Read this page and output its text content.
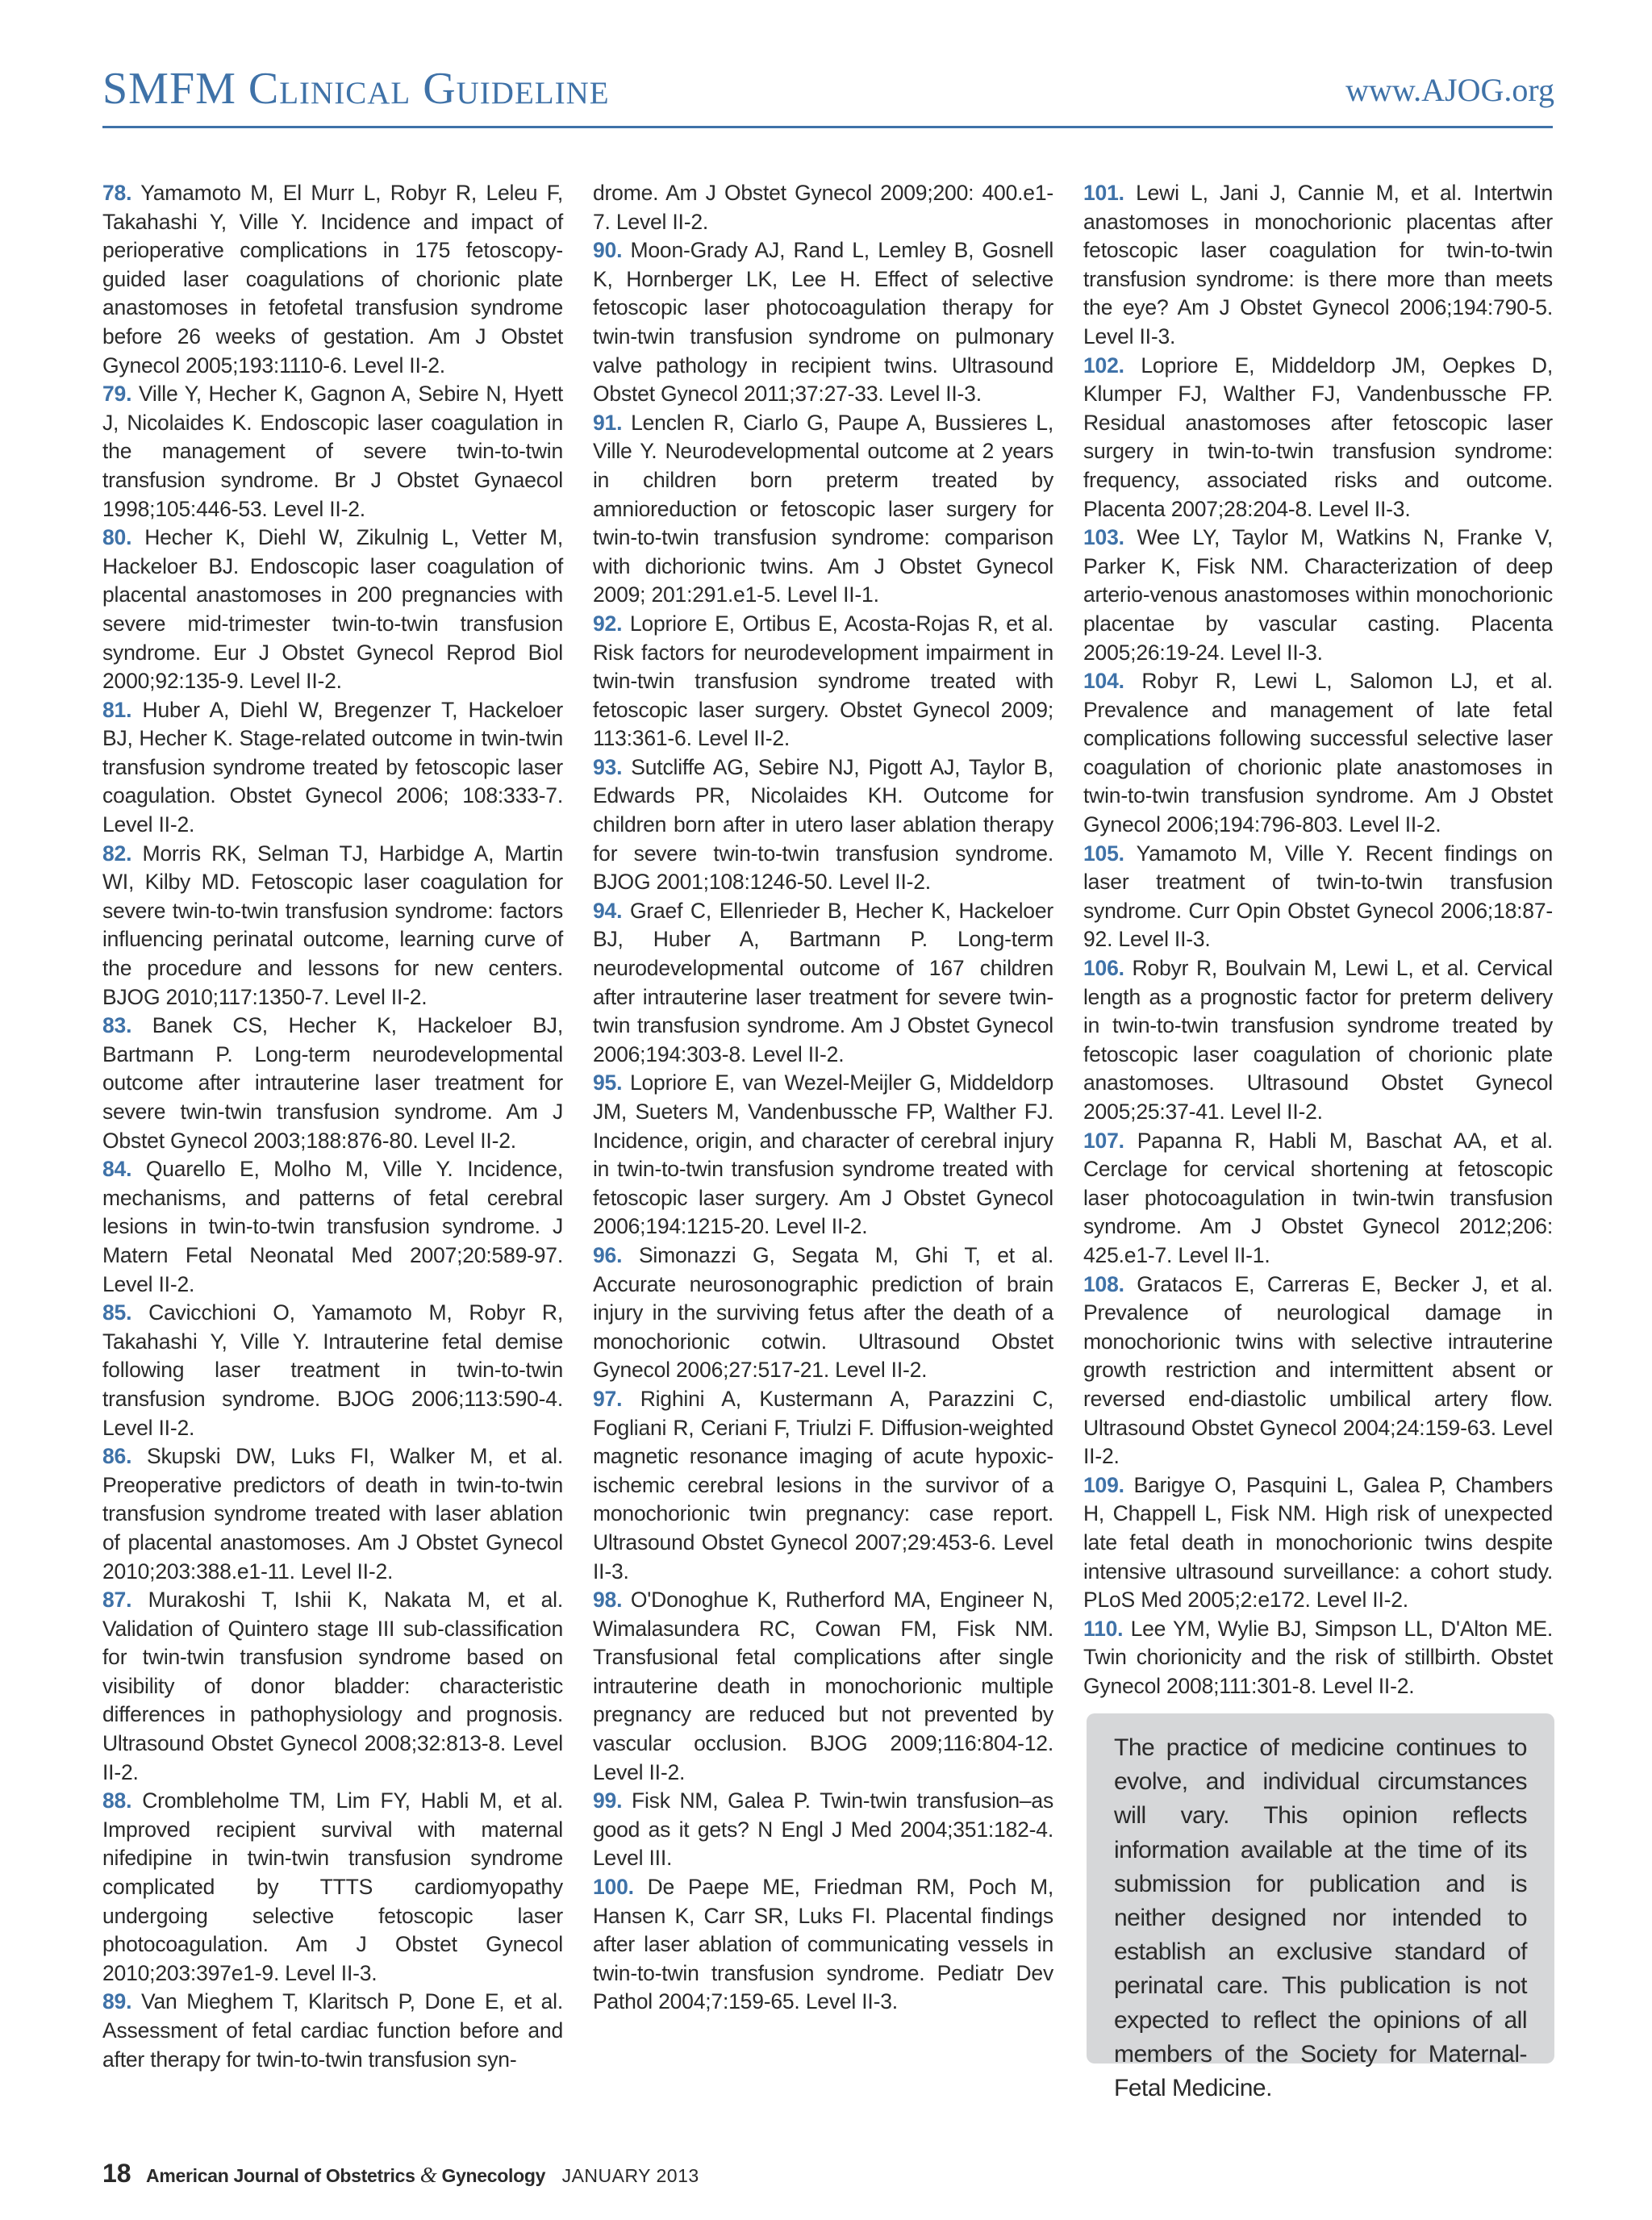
SMFM Clinical Guideline	www.AJOG.org

78. Yamamoto M, El Murr L, Robyr R, Leleu F, Takahashi Y, Ville Y. Incidence and impact of perioperative complications in 175 fetoscopy-guided laser coagulations of chorionic plate anastomoses in fetofetal transfusion syndrome before 26 weeks of gestation. Am J Obstet Gynecol 2005;193:1110-6. Level II-2.

79. Ville Y, Hecher K, Gagnon A, Sebire N, Hyett J, Nicolaides K. Endoscopic laser coagulation in the management of severe twin-to-twin transfusion syndrome. Br J Obstet Gynaecol 1998;105:446-53. Level II-2.

80. Hecher K, Diehl W, Zikulnig L, Vetter M, Hackeloer BJ. Endoscopic laser coagulation of placental anastomoses in 200 pregnancies with severe mid-trimester twin-to-twin transfusion syndrome. Eur J Obstet Gynecol Reprod Biol 2000;92:135-9. Level II-2.

81. Huber A, Diehl W, Bregenzer T, Hackeloer BJ, Hecher K. Stage-related outcome in twin-twin transfusion syndrome treated by fetoscopic laser coagulation. Obstet Gynecol 2006; 108:333-7. Level II-2.

82. Morris RK, Selman TJ, Harbidge A, Martin WI, Kilby MD. Fetoscopic laser coagulation for severe twin-to-twin transfusion syndrome: factors influencing perinatal outcome, learning curve of the procedure and lessons for new centers. BJOG 2010;117:1350-7. Level II-2.

83. Banek CS, Hecher K, Hackeloer BJ, Bartmann P. Long-term neurodevelopmental outcome after intrauterine laser treatment for severe twin-twin transfusion syndrome. Am J Obstet Gynecol 2003;188:876-80. Level II-2.

84. Quarello E, Molho M, Ville Y. Incidence, mechanisms, and patterns of fetal cerebral lesions in twin-to-twin transfusion syndrome. J Matern Fetal Neonatal Med 2007;20:589-97. Level II-2.

85. Cavicchioni O, Yamamoto M, Robyr R, Takahashi Y, Ville Y. Intrauterine fetal demise following laser treatment in twin-to-twin transfusion syndrome. BJOG 2006;113:590-4. Level II-2.

86. Skupski DW, Luks FI, Walker M, et al. Preoperative predictors of death in twin-to-twin transfusion syndrome treated with laser ablation of placental anastomoses. Am J Obstet Gynecol 2010;203:388.e1-11. Level II-2.

87. Murakoshi T, Ishii K, Nakata M, et al. Validation of Quintero stage III sub-classification for twin-twin transfusion syndrome based on visibility of donor bladder: characteristic differences in pathophysiology and prognosis. Ultrasound Obstet Gynecol 2008;32:813-8. Level II-2.

88. Crombleholme TM, Lim FY, Habli M, et al. Improved recipient survival with maternal nifedipine in twin-twin transfusion syndrome complicated by TTTS cardiomyopathy undergoing selective fetoscopic laser photocoagulation. Am J Obstet Gynecol 2010;203:397e1-9. Level II-3.

89. Van Mieghem T, Klaritsch P, Done E, et al. Assessment of fetal cardiac function before and after therapy for twin-to-twin transfusion syn-

drome. Am J Obstet Gynecol 2009;200: 400.e1-7. Level II-2.

90. Moon-Grady AJ, Rand L, Lemley B, Gosnell K, Hornberger LK, Lee H. Effect of selective fetoscopic laser photocoagulation therapy for twin-twin transfusion syndrome on pulmonary valve pathology in recipient twins. Ultrasound Obstet Gynecol 2011;37:27-33. Level II-3.

91. Lenclen R, Ciarlo G, Paupe A, Bussieres L, Ville Y. Neurodevelopmental outcome at 2 years in children born preterm treated by amnioreduction or fetoscopic laser surgery for twin-to-twin transfusion syndrome: comparison with dichorionic twins. Am J Obstet Gynecol 2009; 201:291.e1-5. Level II-1.

92. Lopriore E, Ortibus E, Acosta-Rojas R, et al. Risk factors for neurodevelopment impairment in twin-twin transfusion syndrome treated with fetoscopic laser surgery. Obstet Gynecol 2009; 113:361-6. Level II-2.

93. Sutcliffe AG, Sebire NJ, Pigott AJ, Taylor B, Edwards PR, Nicolaides KH. Outcome for children born after in utero laser ablation therapy for severe twin-to-twin transfusion syndrome. BJOG 2001;108:1246-50. Level II-2.

94. Graef C, Ellenrieder B, Hecher K, Hackeloer BJ, Huber A, Bartmann P. Long-term neurodevelopmental outcome of 167 children after intrauterine laser treatment for severe twin-twin transfusion syndrome. Am J Obstet Gynecol 2006;194:303-8. Level II-2.

95. Lopriore E, van Wezel-Meijler G, Middeldorp JM, Sueters M, Vandenbussche FP, Walther FJ. Incidence, origin, and character of cerebral injury in twin-to-twin transfusion syndrome treated with fetoscopic laser surgery. Am J Obstet Gynecol 2006;194:1215-20. Level II-2.

96. Simonazzi G, Segata M, Ghi T, et al. Accurate neurosonographic prediction of brain injury in the surviving fetus after the death of a monochorionic cotwin. Ultrasound Obstet Gynecol 2006;27:517-21. Level II-2.

97. Righini A, Kustermann A, Parazzini C, Fogliani R, Ceriani F, Triulzi F. Diffusion-weighted magnetic resonance imaging of acute hypoxic-ischemic cerebral lesions in the survivor of a monochorionic twin pregnancy: case report. Ultrasound Obstet Gynecol 2007;29:453-6. Level II-3.

98. O'Donoghue K, Rutherford MA, Engineer N, Wimalasundera RC, Cowan FM, Fisk NM. Transfusional fetal complications after single intrauterine death in monochorionic multiple pregnancy are reduced but not prevented by vascular occlusion. BJOG 2009;116:804-12. Level II-2.

99. Fisk NM, Galea P. Twin-twin transfusion–as good as it gets? N Engl J Med 2004;351:182-4. Level III.

100. De Paepe ME, Friedman RM, Poch M, Hansen K, Carr SR, Luks FI. Placental findings after laser ablation of communicating vessels in twin-to-twin transfusion syndrome. Pediatr Dev Pathol 2004;7:159-65. Level II-3.

101. Lewi L, Jani J, Cannie M, et al. Intertwin anastomoses in monochorionic placentas after fetoscopic laser coagulation for twin-to-twin transfusion syndrome: is there more than meets the eye? Am J Obstet Gynecol 2006;194:790-5. Level II-3.

102. Lopriore E, Middeldorp JM, Oepkes D, Klumper FJ, Walther FJ, Vandenbussche FP. Residual anastomoses after fetoscopic laser surgery in twin-to-twin transfusion syndrome: frequency, associated risks and outcome. Placenta 2007;28:204-8. Level II-3.

103. Wee LY, Taylor M, Watkins N, Franke V, Parker K, Fisk NM. Characterization of deep arterio-venous anastomoses within monochorionic placentae by vascular casting. Placenta 2005;26:19-24. Level II-3.

104. Robyr R, Lewi L, Salomon LJ, et al. Prevalence and management of late fetal complications following successful selective laser coagulation of chorionic plate anastomoses in twin-to-twin transfusion syndrome. Am J Obstet Gynecol 2006;194:796-803. Level II-2.

105. Yamamoto M, Ville Y. Recent findings on laser treatment of twin-to-twin transfusion syndrome. Curr Opin Obstet Gynecol 2006;18:87-92. Level II-3.

106. Robyr R, Boulvain M, Lewi L, et al. Cervical length as a prognostic factor for preterm delivery in twin-to-twin transfusion syndrome treated by fetoscopic laser coagulation of chorionic plate anastomoses. Ultrasound Obstet Gynecol 2005;25:37-41. Level II-2.

107. Papanna R, Habli M, Baschat AA, et al. Cerclage for cervical shortening at fetoscopic laser photocoagulation in twin-twin transfusion syndrome. Am J Obstet Gynecol 2012;206: 425.e1-7. Level II-1.

108. Gratacos E, Carreras E, Becker J, et al. Prevalence of neurological damage in monochorionic twins with selective intrauterine growth restriction and intermittent absent or reversed end-diastolic umbilical artery flow. Ultrasound Obstet Gynecol 2004;24:159-63. Level II-2.

109. Barigye O, Pasquini L, Galea P, Chambers H, Chappell L, Fisk NM. High risk of unexpected late fetal death in monochorionic twins despite intensive ultrasound surveillance: a cohort study. PLoS Med 2005;2:e172. Level II-2.

110. Lee YM, Wylie BJ, Simpson LL, D'Alton ME. Twin chorionicity and the risk of stillbirth. Obstet Gynecol 2008;111:301-8. Level II-2.

The practice of medicine continues to evolve, and individual circumstances will vary. This opinion reflects information available at the time of its submission for publication and is neither designed nor intended to establish an exclusive standard of perinatal care. This publication is not expected to reflect the opinions of all members of the Society for Maternal-Fetal Medicine.
18 American Journal of Obstetrics & Gynecology JANUARY 2013
